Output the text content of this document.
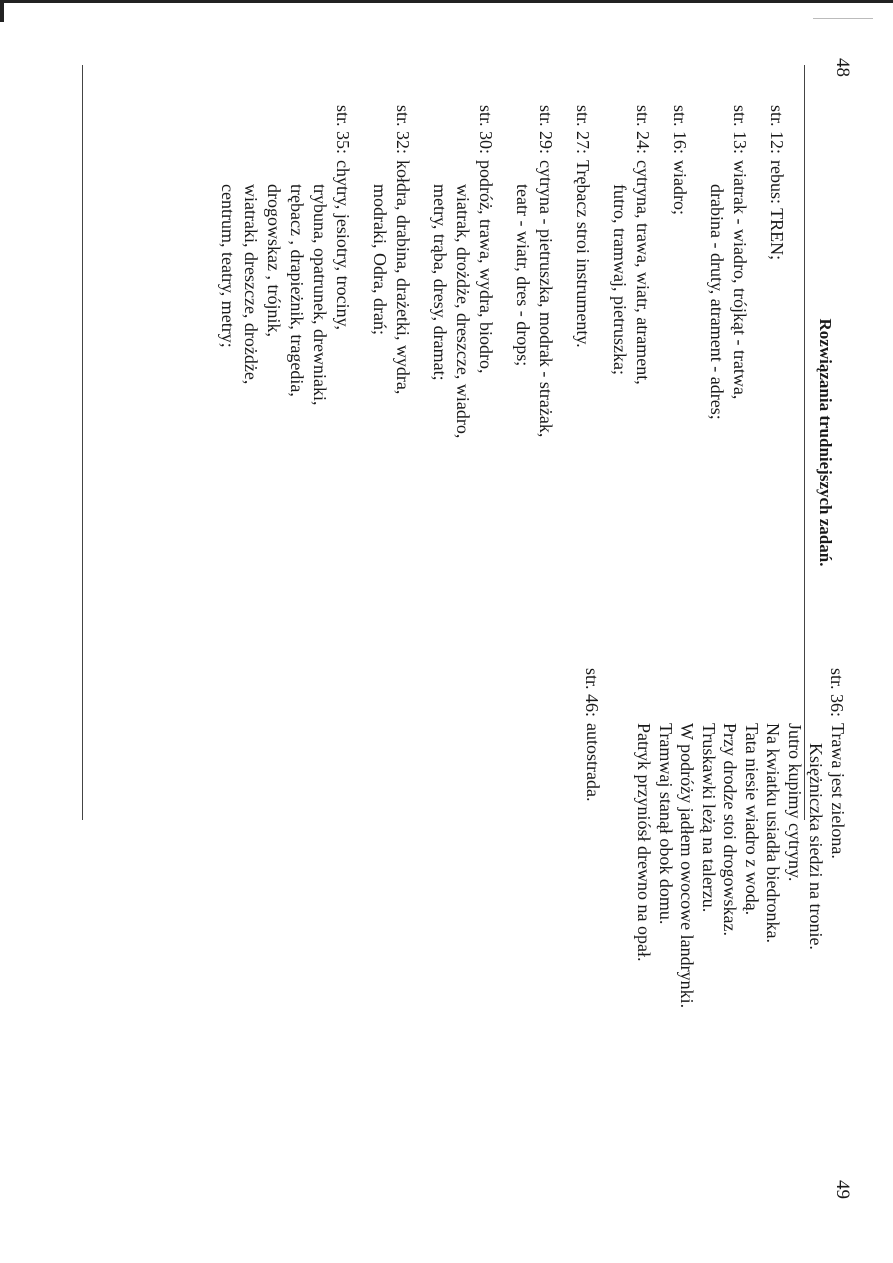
48
49
Rozwiązania trudniejszych zadań.
str. 12:
rebus: TREN;
str. 13:
wiatrak - wiadro, trójkąt - tratwa,
drabina - druty, atrament - adres;
str. 16:
wiadro;
str. 24:
cytryna, trawa, wiatr, atrament,
futro, tramwaj, pietruszka;
str. 27:
Trębacz stroi instrumenty.
str. 29:
cytryna - pietruszka, modrak - strażak,
teatr - wiatr, dres - drops;
str. 30:
podróż, trawa, wydra, biodro,
wiatrak, drożdże, dreszcze, wiadro,
metry, trąba, dresy, dramat;
str. 32:
kołdra, drabina, drażetki, wydra,
modraki, Odra, drań;
str. 35:
chytry, jesiotry, trociny,
trybuna, opatrunek, drewniaki,
trębacz , drapieżnik, tragedia,
drogowskaz , trójnik,
wiatraki, dreszcze, drożdże,
centrum, teatry, metry;
str. 36:
Trawa jest zielona.
Księżniczka siedzi na tronie.
Jutro kupimy cytryny.
Na kwiatku usiadła biedronka.
Tata niesie wiadro z wodą.
Przy drodze stoi drogowskaz.
Truskawki leżą na talerzu.
W podróży jadłem owocowe landrynki.
Tramwaj stanął obok domu.
Patryk przyniósł drewno na opał.
str. 46:
autostrada.
